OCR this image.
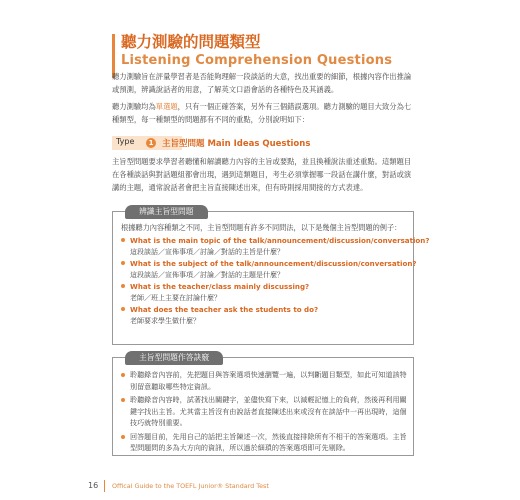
聽力測驗的問題類型
Listening Comprehension Questions
聽力測驗旨在評量學習者是否能夠理解一段談話的大意，找出重要的細節，根據內容作出推論或預測，辨識說話者的用意，了解英文口語會話的各種特色及其涵義。
聽力測驗均為單選題，只有一個正確答案，另外有三個錯誤選項。聽力測驗的題目大致分為七種類型，每一種類型的問題都有不同的重點，分別說明如下：
Type	1	主旨型問題 Main Ideas Questions
主旨型問題要求學習者聽懂和解讀聽力內容的主旨或要點，並且換種說法重述重點。這類題目在各種談話與對話題組都會出現，遇到這類題目，考生必須掌握哪一段話在講什麼，對話或演講的主題，通常說話者會把主旨直接陳述出來，但有時則採用間接的方式表達。
辨識主旨型問題
根據聽力內容種類之不同，主旨型問題有許多不同問法，以下是幾個主旨型問題的例子：
What is the main topic of the talk/announcement/discussion/conversation?
這段談話／宣佈事項／討論／對話的主旨是什麼？
What is the subject of the talk/announcement/discussion/conversation?
這段談話／宣佈事項／討論／對話的主題是什麼？
What is the teacher/class mainly discussing?
老師／班上主要在討論什麼？
What does the teacher ask the students to do?
老師要求學生做什麼？
主旨型問題作答訣竅
聆聽錄音內容前，先把題目與答案選項快速瀏覽一遍，以判斷題目類型，如此可知道該特別留意聽取哪些特定資訊。
聆聽錄音內容時，試著找出關鍵字，並儘快寫下來，以減輕記憶上的負荷，然後再利用關鍵字找出主旨。尤其當主旨沒有由說話者直接陳述出來或沒有在談話中一再出現時，這個技巧就特別重要。
回答題目前，先用自己的話把主旨陳述一次，然後直接排除所有不相干的答案選項。主旨型問題問的多為大方向的資訊，所以過於細瑣的答案選項即可先剔除。
16 Offical Guide to the TOEFL Junior® Standard Test
